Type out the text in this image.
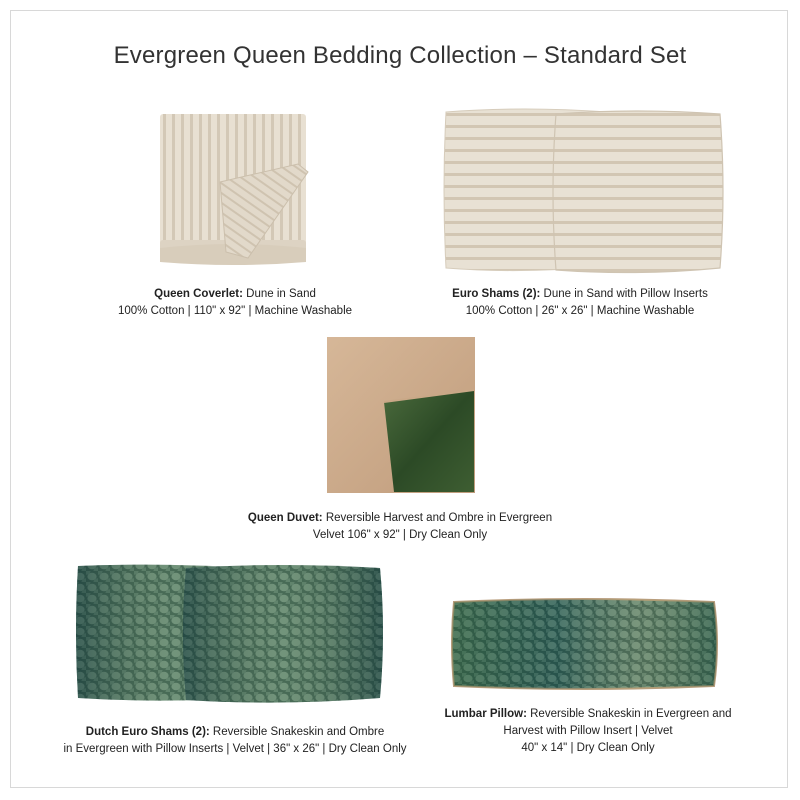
Evergreen Queen Bedding Collection – Standard Set
Queen Coverlet: Dune in Sand
100% Cotton | 110" x 92" | Machine Washable
Euro Shams (2): Dune in Sand with Pillow Inserts
100% Cotton | 26" x 26" | Machine Washable
Queen Duvet: Reversible Harvest and Ombre in Evergreen
Velvet 106" x 92" | Dry Clean Only
Dutch Euro Shams (2): Reversible Snakeskin and Ombre
in Evergreen with Pillow Inserts | Velvet | 36" x 26" | Dry Clean Only
Lumbar Pillow: Reversible Snakeskin in Evergreen and
Harvest with Pillow Insert | Velvet
40" x 14" | Dry Clean Only
